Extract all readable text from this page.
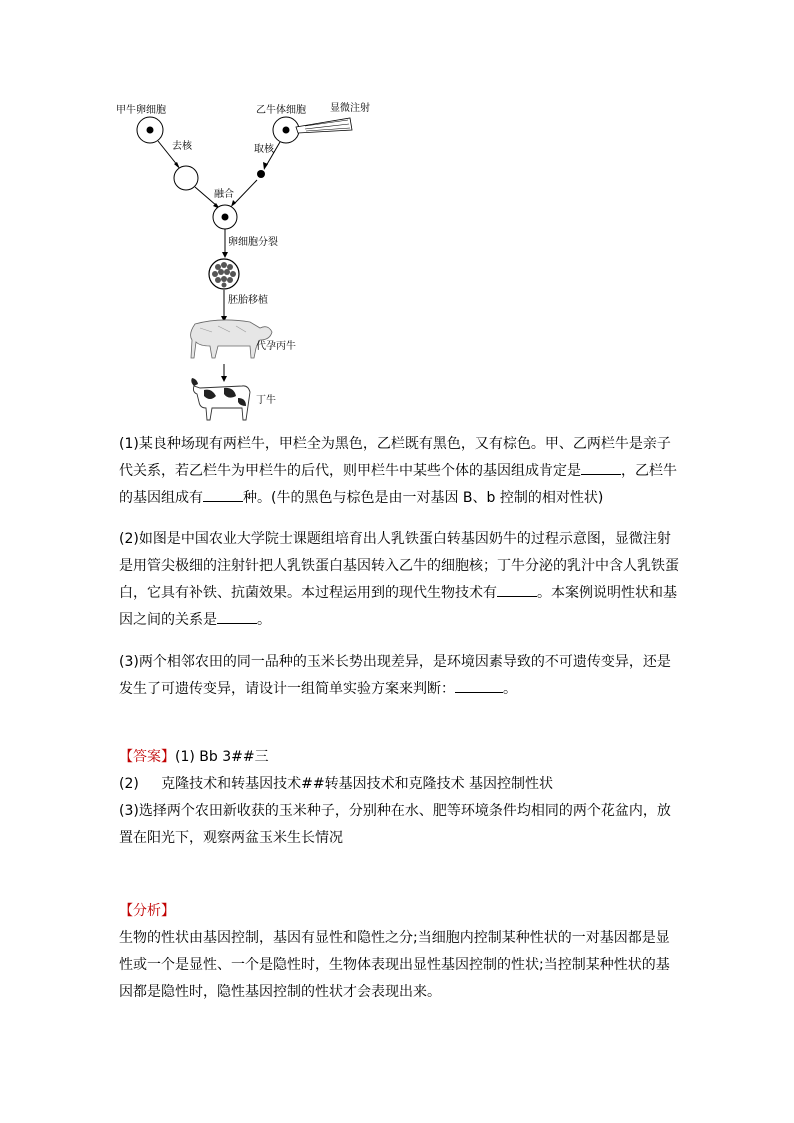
甲牛卵细胞	乙牛体细胞 显微注射
去核	取核
融合
卵细胞分裂
胚胎移植
代孕丙牛
丁牛
(1)某良种场现有两栏牛，甲栏全为黑色，乙栏既有黑色，又有棕色。甲、乙两栏牛是亲子
代关系，若乙栏牛为甲栏牛的后代，则甲栏牛中某些个体的基因组成肯定是	，乙栏牛
的基因组成有	种。(牛的黑色与棕色是由一对基因 B、b 控制的相对性状)
(2)如图是中国农业大学院士课题组培育出人乳铁蛋白转基因奶牛的过程示意图，显微注射
是用管尖极细的注射针把人乳铁蛋白基因转入乙牛的细胞核；丁牛分泌的乳汁中含人乳铁蛋
白，它具有补铁、抗菌效果。本过程运用到的现代生物技术有	。本案例说明性状和基
因之间的关系是	。
(3)两个相邻农田的同一品种的玉米长势出现差异，是环境因素导致的不可遗传变异，还是
发生了可遗传变异，请设计一组简单实验方案来判断：	。
【答案】(1) Bb 3##三
(2) 克隆技术和转基因技术##转基因技术和克隆技术 基因控制性状
(3)选择两个农田新收获的玉米种子，分别种在水、肥等环境条件均相同的两个花盆内，放
置在阳光下，观察两盆玉米生长情况
【分析】
生物的性状由基因控制，基因有显性和隐性之分;当细胞内控制某种性状的一对基因都是显
性或一个是显性、一个是隐性时，生物体表现出显性基因控制的性状;当控制某种性状的基
因都是隐性时，隐性基因控制的性状才会表现出来。
